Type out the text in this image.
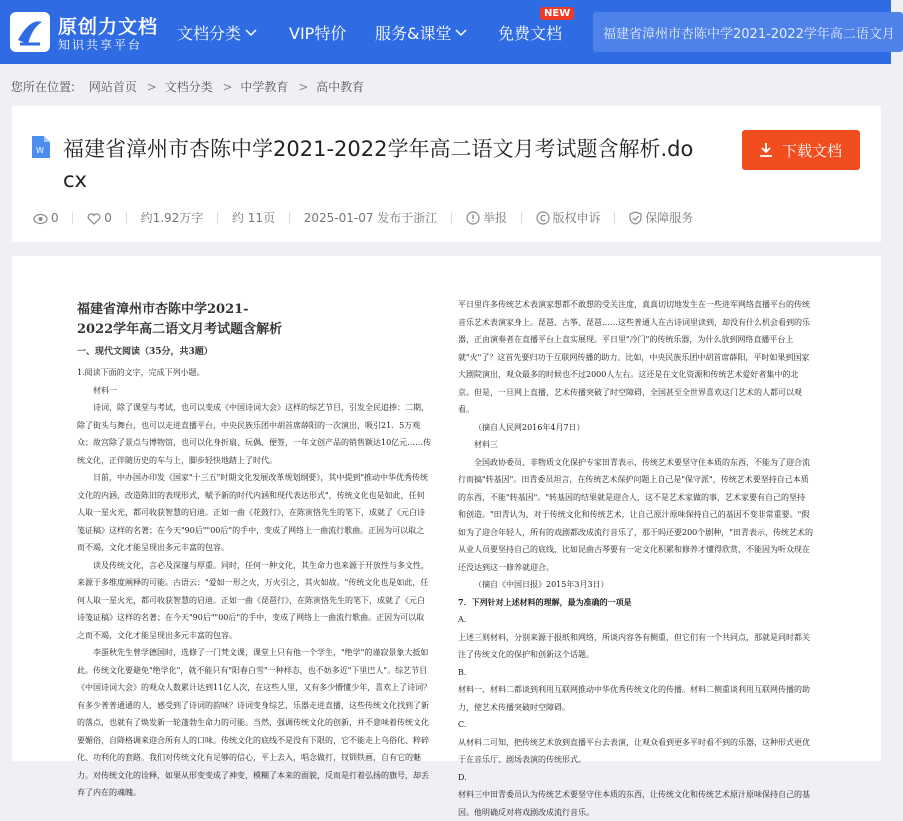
原创力文档
知识共享平台
文档分类	VIP特价 服务&课堂	免费文档
NEW
福建省漳州市杏陈中学2021-2022学年高二语文月
您所在位置: 网站首页 > 文档分类 > 中学教育 > 高中教育
W 福建省漳州市杏陈中学2021-2022学年高二语文月考试题含解析.docx
下载文档
0	0 约1.92万字 约 11页 2025-01-07 发布于浙江	举报	版权申诉	保障服务
福建省漳州市杏陈中学2021-
2022学年高二语文月考试题含解析
一、现代文阅读（35分，共3题）
1.阅读下面的文字，完成下列小题。
材料一
诗词，除了课堂与考试，也可以变成《中国诗词大会》这样的综艺节目，引发全民追捧：二期，除了街头与舞台，也可以走进直播平台，中央民族乐团中胡首席薛阳的一次演出，吸引21．5万观众；故宫除了景点与博物馆，也可以化身折扇、玩偶、便签，一年文创产品的销售额达10亿元……传统文化，正伴随历史的车与上，脚步轻快地踏上了时代。
日前，中办国办印发《国家"十三五"时期文化发展改革规划纲要》，其中提到"推动中华优秀传统文化的内涵，改造陈旧的表现形式，赋予新的时代内涵和现代表达形式"，传统文化也是如此，任何人取一星火光，都可收获智慧的启迪。正如一曲《花鼓行》，在陈寅恪先生的笔下，成就了《元白诗笺证稿》这样的名著；在今天"90后""00后"的手中，变成了网络上一曲流行歌曲。正因为可以取之而不竭，文化才能呈现出多元丰富的包容。
读及传统文化，言必及深邃与厚重。同时，任何一种文化，其生命力也来源于开放性与多文性，来源于多维度阐释的可能。古语云："爱如一形之火，万火引之，其火如故。"传统文化也是如此，任何人取一星火光，都可收获智慧的启迪。正如一曲《琵琶行》，在陈寅恪先生的笔下，成就了《元白诗笺证稿》这样的名著；在今天"90后""00后"的手中，变成了网络上一曲流行歌曲。正因为可以取之而不竭，文化才能呈现出多元丰富的包容。
李蛋秋先生曾学德国时，选修了一门梵文课，课堂上只有他一个学生，"绝学"的谨寂景象大抵如此。传统文化要避免"绝学化"，就不能只有"阳春白雪"一种样态，也不妨多近"下里巴人"。综艺节目《中国诗词大会》的观众人数累计达到11亿人次，在这些人里，又有多少懵懂少年，喜欢上了诗词？有多少普普通通的人，感受到了诗词的韵味？诗词变身综艺，乐器走进直播，这些传统文化找到了新的落点，也就有了焕发新一轮蓬勃生命力的可能。当然，强调传统文化的创新，并不意味着传统文化要媚俗，自降格调来迎合所有人的口味。传统文化的底线不是没有下限的，它不能走上乌俗化、粹碎化、功利化的套路。我们对传统文化有足够的信心，平上去入，唱念做打，钗钏铁画，自有它的魅力。对传统文化的诠释，如果从形变变成了神变，模糊了本来的面貌，反而是打着弘扬的旗号，却丢弃了内在的魂魄。
平日里许多传统艺术表演家想都不敢想的受关注度，真真切切地发生在一些进军网络直播平台的传统音乐艺术表演家身上。琵琶、古筝、琵琶……这些普通人在古诗词里读到，却没有什么机会看到的乐器，正由演奏者在直播平台上直实展现。平日里"冷门"的传统乐器，为什么放到网络直播平台上就"火"了？这首先要归功于互联网传播的助力。比如，中央民族乐团中胡首席薛阳，平时如果到国家大剧院演出，观众最多的时候也不过2000人左右。这还是在文化资源和传统艺术爱好者集中的北京。但是，一旦网上直播，艺术传播突破了时空障碍，全国甚至全世界喜欢这门艺术的人都可以观看。
（摘自人民网2016年4月7日）
材料三
全国政协委员、非物质文化保护专家田青表示，传统艺术要坚守住本质的东西，不能为了迎合流行而搞"转基因"。田青委员坦言，在传统艺术保护问题上自己是"保守派"，传统艺术要坚持自己本质的东西，不能"转基因"。"转基因的结果就是迎合人，这不是艺术家做的事，艺术家要有自己的坚持和创造。"田青认为，对于传统文化和传统艺术，让自己原汁原味保持自己的基因不变非常重要。"假如为了迎合年轻人，所有的戏剧都改成流行音乐了，那干吗还要200个剧种，"田青表示，传统艺术的从业人员要坚持自己的底线，比如昆曲古琴要有一定文化积累和修养才懂得欣赏，不能因为听众现在还没达到这一修养就迎合。
（摘自《中国日报》2015年3月3日）
7．下列针对上述材料的理解，最为准确的一项是
A.
上述三则材料，分别来源于报纸和网络，所谈内容各有侧重，但它们有一个共同点，那就是同时都关注了传统文化的保护和创新这个话题。
B.
材料一、材料二都谈到利用互联网推动中华优秀传统文化的传播。材料二侧重谈利用互联网传播的助力，使艺术传播突破时空障碍。
C.
从材料二可知，把传统艺术放到直播平台去表演，让观众看到更多平时看不到的乐器，这种形式更优于在音乐厅、剧场表演的传统形式。
D.
材料三中田青委员认为传统艺术要坚守住本质的东西，让传统文化和传统艺术原汁原味保持自己的基因。他明确反对将戏剧改成流行音乐。
